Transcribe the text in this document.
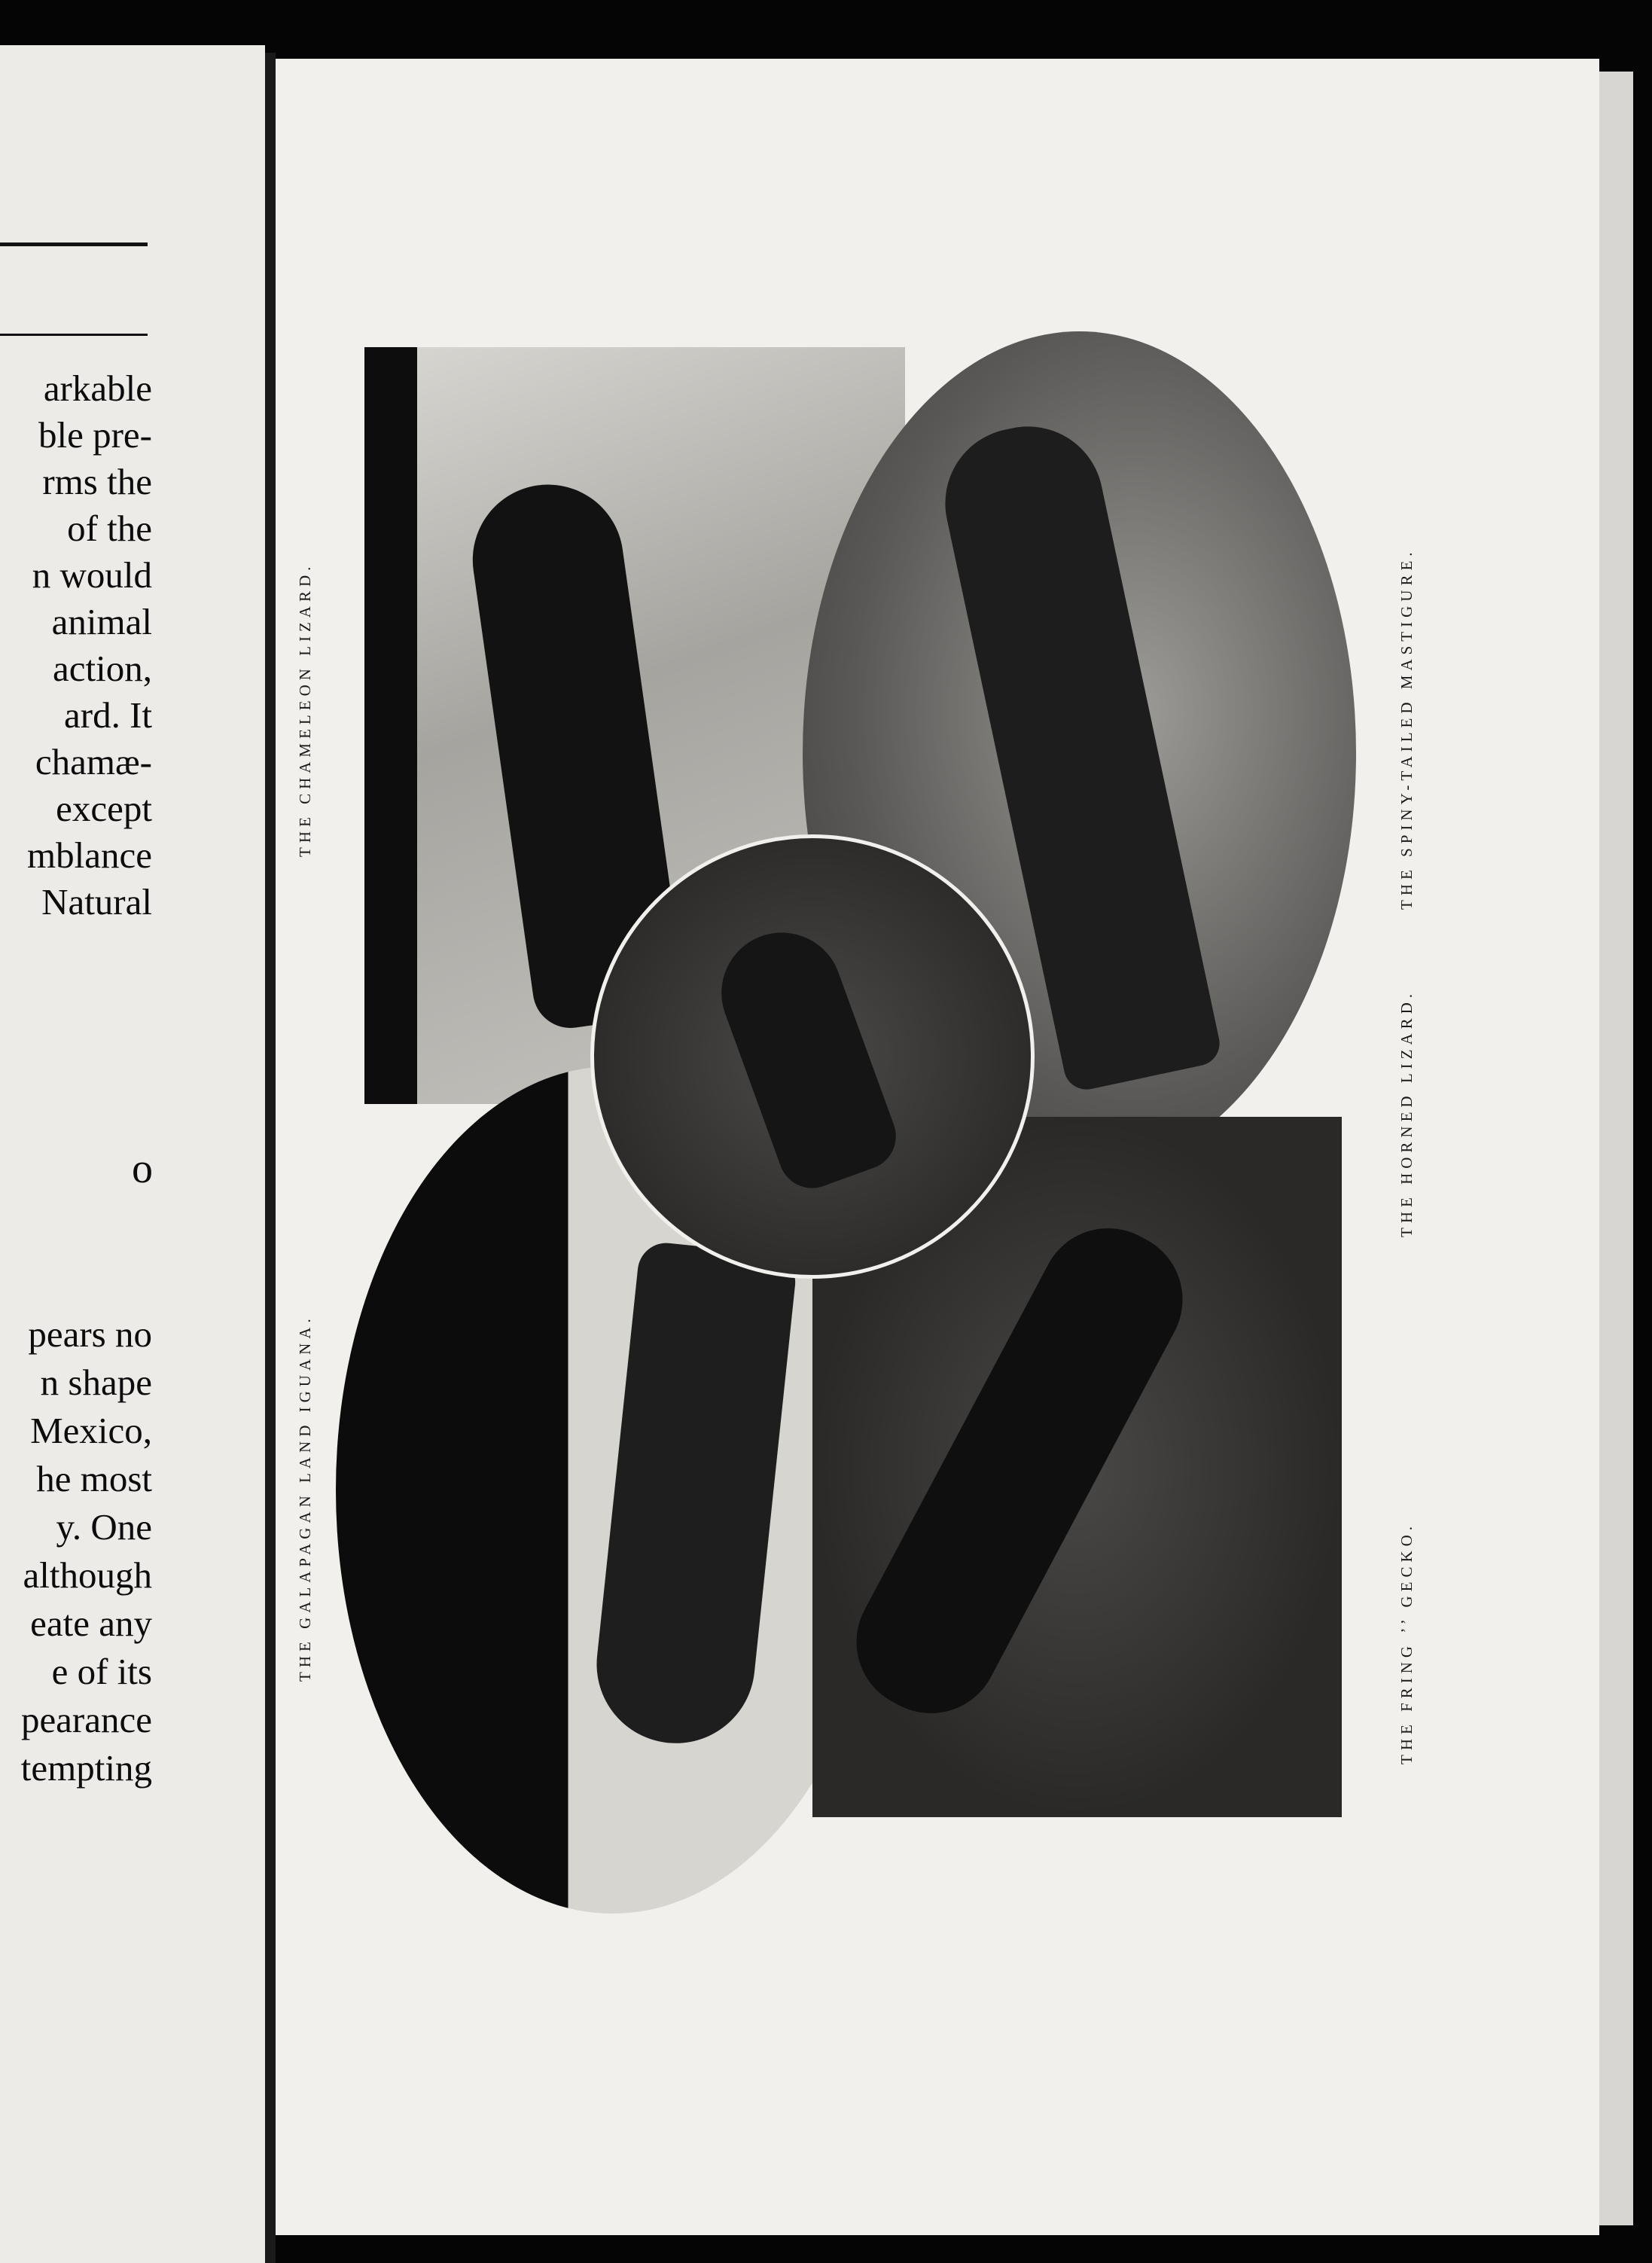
arkable
ble pre-
rms the
of the
n would
animal
action,
ard. It
chamæ-
except
mblance
Natural

o

pears no
n shape
Mexico,
he most
y. One
although
eate any
e of its
pearance
tempting

THE CHAMELEON LIZARD.
THE GALAPAGAN LAND IGUANA.
THE SPINY-TAILED MASTIGURE.
THE HORNED LIZARD.
THE FRING ’’ GECKO.
